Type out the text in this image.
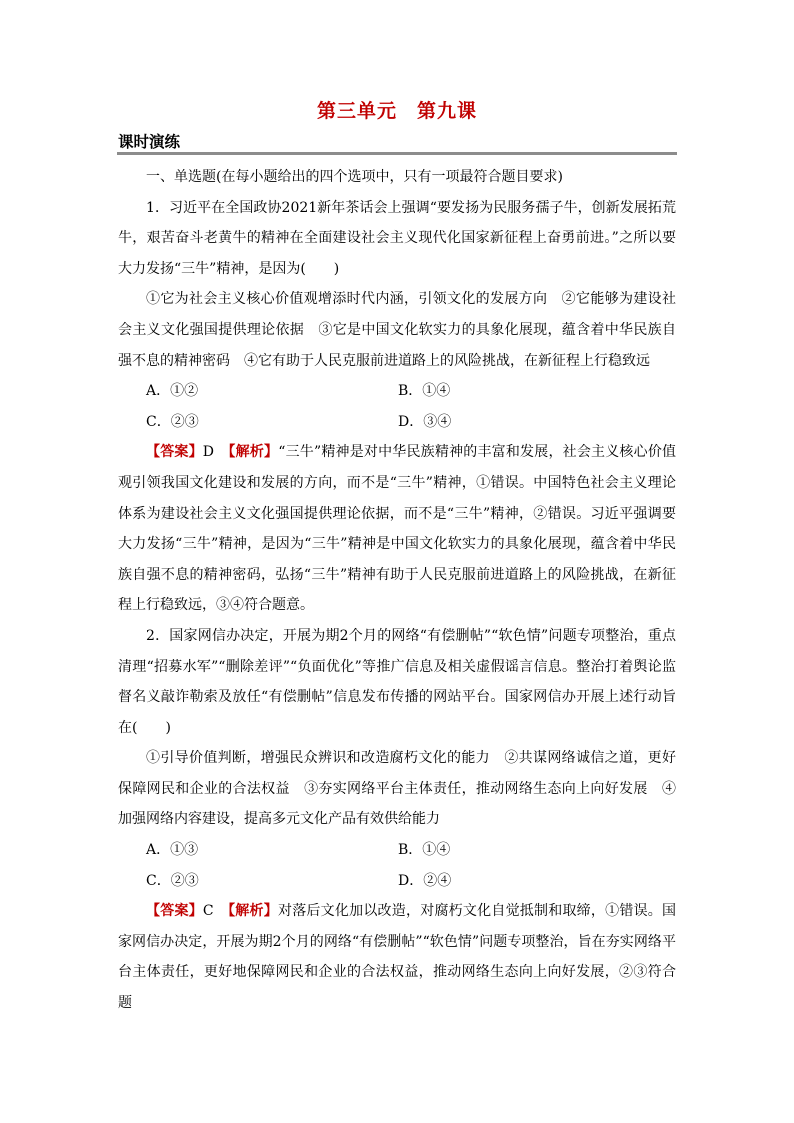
第三单元　第九课
课时演练

一、单选题(在每小题给出的四个选项中，只有一项最符合题目要求)

1．习近平在全国政协2021新年茶话会上强调“要发扬为民服务孺子牛，创新发展拓荒牛，艰苦奋斗老黄牛的精神在全面建设社会主义现代化国家新征程上奋勇前进。”之所以要大力发扬“三牛”精神，是因为(　　)

①它为社会主义核心价值观增添时代内涵，引领文化的发展方向　②它能够为建设社会主义文化强国提供理论依据　③它是中国文化软实力的具象化展现，蕴含着中华民族自强不息的精神密码　④它有助于人民克服前进道路上的风险挑战，在新征程上行稳致远

A．①②	B．①④
C．②③	D．③④

【答案】D　【解析】“三牛”精神是对中华民族精神的丰富和发展，社会主义核心价值观引领我国文化建设和发展的方向，而不是“三牛”精神，①错误。中国特色社会主义理论体系为建设社会主义文化强国提供理论依据，而不是“三牛”精神，②错误。习近平强调要大力发扬“三牛”精神，是因为“三牛”精神是中国文化软实力的具象化展现，蕴含着中华民族自强不息的精神密码，弘扬“三牛”精神有助于人民克服前进道路上的风险挑战，在新征程上行稳致远，③④符合题意。

2．国家网信办决定，开展为期2个月的网络“有偿删帖”“软色情”问题专项整治，重点清理“招募水军”“删除差评”“负面优化”等推广信息及相关虚假谣言信息。整治打着舆论监督名义敲诈勒索及放任“有偿删帖”信息发布传播的网站平台。国家网信办开展上述行动旨在(　　)

①引导价值判断，增强民众辨识和改造腐朽文化的能力　②共谋网络诚信之道，更好保障网民和企业的合法权益　③夯实网络平台主体责任，推动网络生态向上向好发展　④加强网络内容建设，提高多元文化产品有效供给能力

A．①③	B．①④
C．②③	D．②④

【答案】C　【解析】对落后文化加以改造，对腐朽文化自觉抵制和取缔，①错误。国家网信办决定，开展为期2个月的网络“有偿删帖”“软色情”问题专项整治，旨在夯实网络平台主体责任，更好地保障网民和企业的合法权益，推动网络生态向上向好发展，②③符合题
